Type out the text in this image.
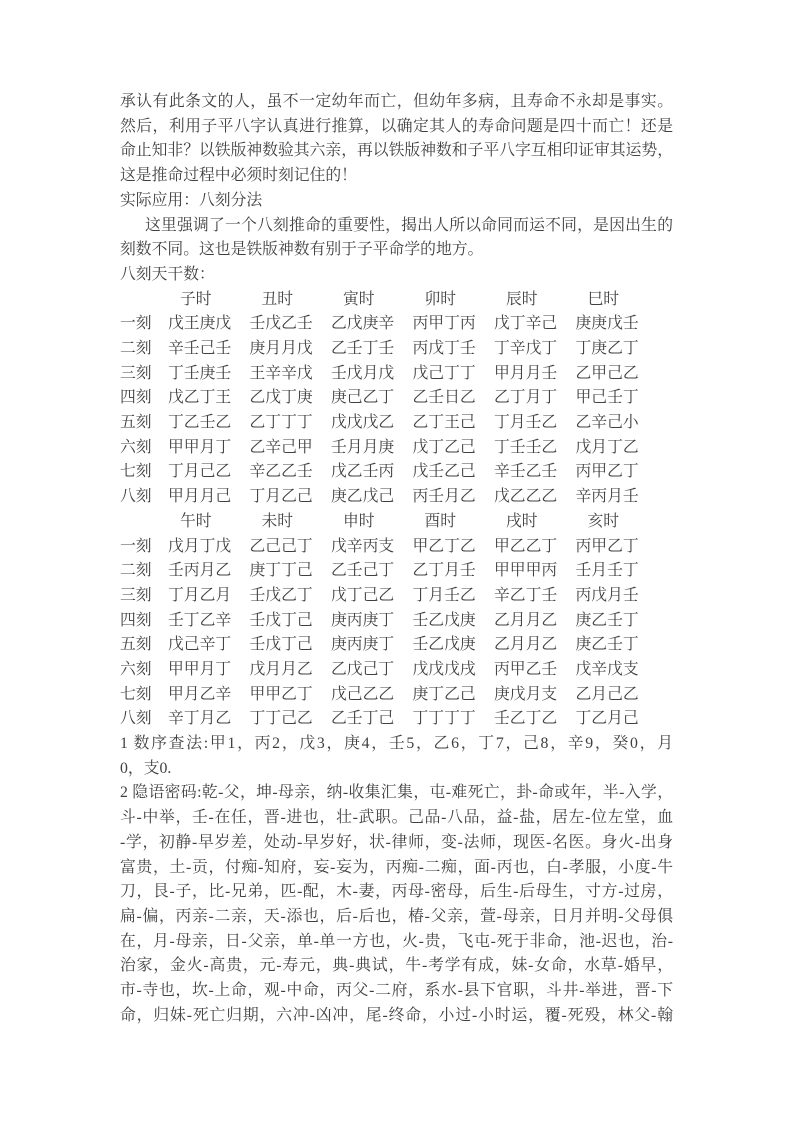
承认有此条文的人，虽不一定幼年而亡，但幼年多病，且寿命不永却是事实。
然后，利用子平八字认真进行推算，以确定其人的寿命问题是四十而亡！还是
命止知非？以铁版神数验其六亲，再以铁版神数和子平八字互相印证审其运势，
这是推命过程中必须时刻记住的！
实际应用：八刻分法
这里强调了一个八刻推命的重要性，揭出人所以命同而运不同，是因出生的
刻数不同。这也是铁版神数有别于子平命学的地方。
八刻天干数：
子时	丑时	寅时	卯时	辰时	巳时
一刻	戊王庚戊	壬戊乙壬	乙戊庚辛	丙甲丁丙	戊丁辛己	庚庚戊壬
二刻	辛壬己壬	庚月月戊	乙壬丁壬	丙戊丁壬	丁辛戊丁	丁庚乙丁
三刻	丁壬庚壬	王辛辛戊	壬戊月戊	戊己丁丁	甲月月壬	乙甲己乙
四刻	戊乙丁王	乙戊丁庚	庚己乙丁	乙壬日乙	乙丁月丁	甲己壬丁
五刻	丁乙壬乙	乙丁丁丁	戊戊戊乙	乙丁王己	丁月壬乙	乙辛己小
六刻	甲甲月丁	乙辛己甲	壬月月庚	戊丁乙己	丁壬壬乙	戊月丁乙
七刻	丁月己乙	辛乙乙壬	戊乙壬丙	戊壬乙己	辛壬乙壬	丙甲乙丁
八刻	甲月月己	丁月乙己	庚乙戊己	丙壬月乙	戊乙乙乙	辛丙月壬
午时	未时	申时	酉时	戌时	亥时
一刻	戊月丁戊	乙己己丁	戊辛丙支	甲乙丁乙	甲乙乙丁	丙甲乙丁
二刻	壬丙月乙	庚丁丁己	乙壬己丁	乙丁月壬	甲甲甲丙	壬月壬丁
三刻	丁月乙月	壬戊乙丁	戊丁己乙	丁月壬乙	辛乙丁壬	丙戊月壬
四刻	壬丁乙辛	壬戊丁己	庚丙庚丁	壬乙戊庚	乙月月乙	庚乙壬丁
五刻	戊己辛丁	壬戊丁己	庚丙庚丁	壬乙戊庚	乙月月乙	庚乙壬丁
六刻	甲甲月丁	戊月月乙	乙戊己丁	戊戊戊戌	丙甲乙壬	戊辛戊支
七刻	甲月乙辛	甲甲乙丁	戊己乙乙	庚丁乙己	庚戊月支	乙月己乙
八刻	辛丁月乙	丁丁己乙	乙壬丁己	丁丁丁丁	壬乙丁乙	丁乙月己
1 数序查法:甲1，丙2，戊3，庚4，壬5，乙6，丁7，己8，辛9，癸0，月
0，支0.
2 隐语密码:乾-父，坤-母亲，纳-收集汇集，屯-难死亡，卦-命或年，半-入学，
斗-中举，壬-在任，晋-进也，壮-武职。己品-八品，益-盐，居左-位左堂，血
-学，初静-早岁差，处动-早岁好，状-律师，变-法师，现医-名医。身火-出身
富贵，土-贡，付痴-知府，妄-妄为，丙痴-二痴，面-丙也，白-孝服，小度-牛
刀，艮-子，比-兄弟，匹-配，木-妻，丙母-密母，后生-后母生，寸方-过房，
扁-偏，丙亲-二亲，天-添也，后-后也，椿-父亲，萱-母亲，日月并明-父母俱
在，月-母亲，日-父亲，单-单一方也，火-贵，飞屯-死于非命，池-迟也，治-
治家，金火-高贵，元-寿元，典-典试，牛-考学有成，妹-女命，水草-婚早，
市-寺也，坎-上命，观-中命，丙父-二府，系水-县下官职，斗井-举进，晋-下
命，归妹-死亡归期，六冲-凶冲，尾-终命，小过-小时运，覆-死殁，林父-翰
